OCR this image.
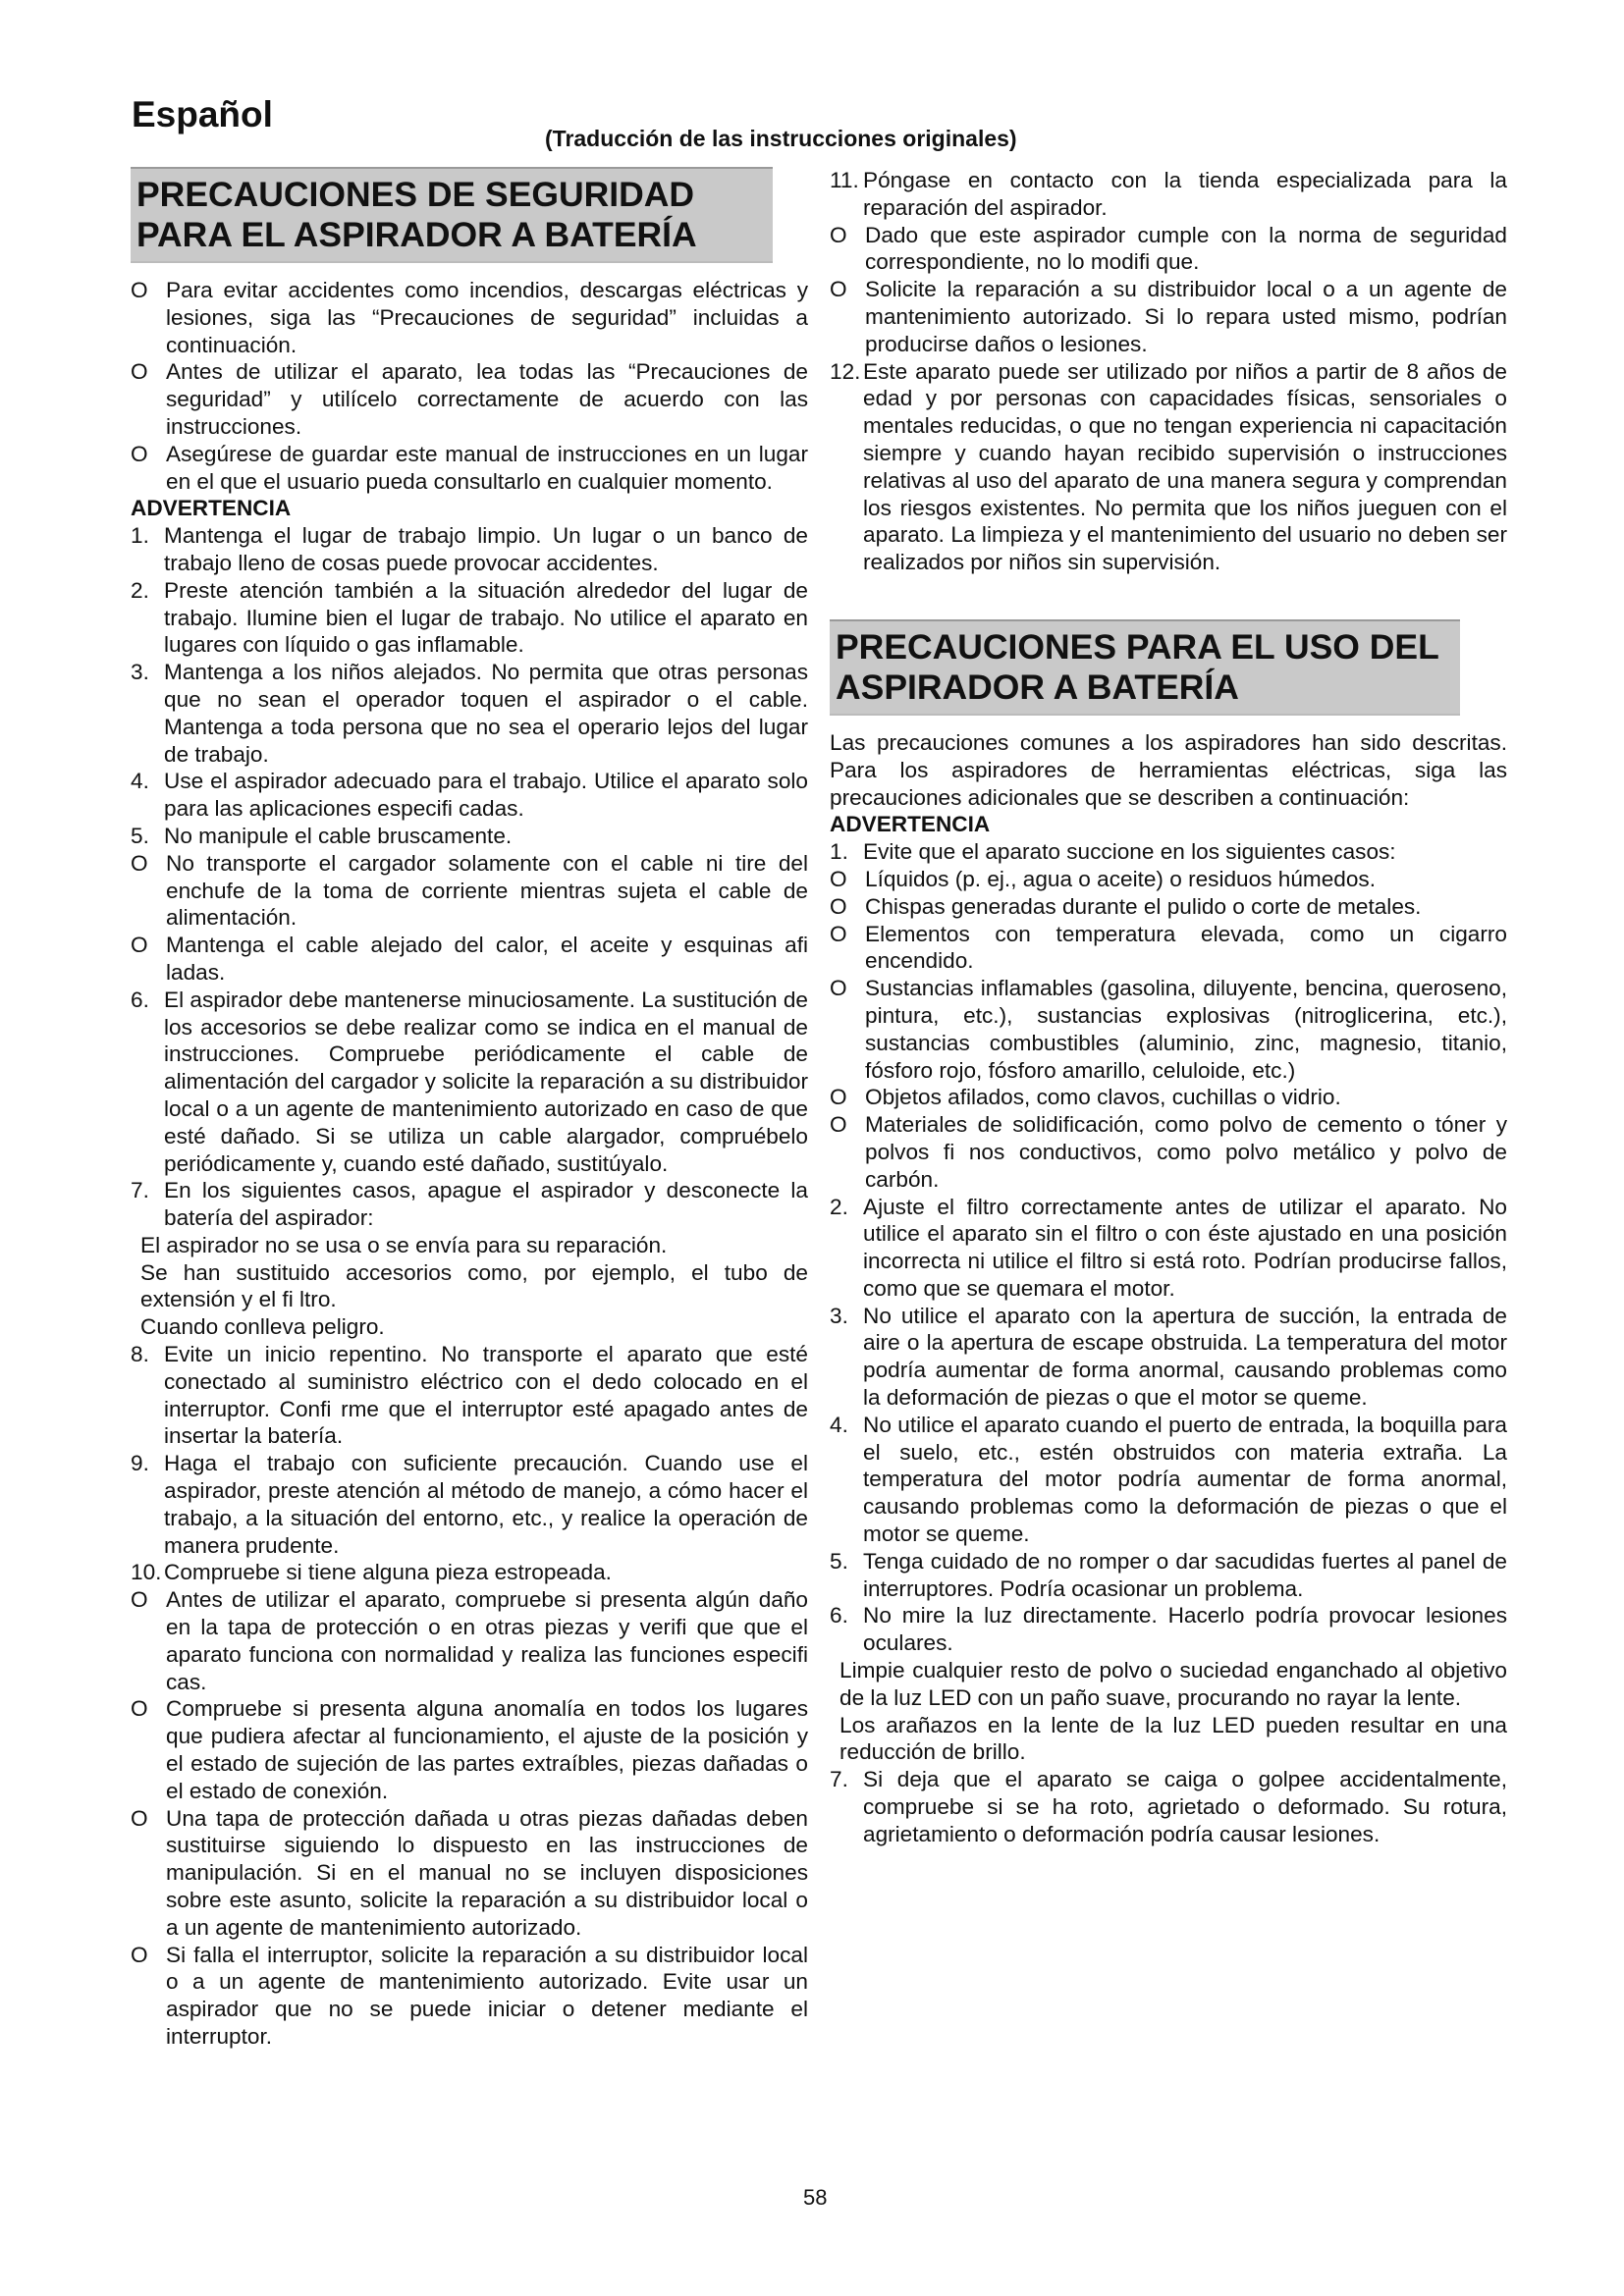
Español
(Traducción de las instrucciones originales)
PRECAUCIONES DE SEGURIDAD
PARA EL ASPIRADOR A BATERÍA
O Para evitar accidentes como incendios, descargas eléctricas y lesiones, siga las “Precauciones de seguridad” incluidas a continuación.
O Antes de utilizar el aparato, lea todas las “Precauciones de seguridad” y utilícelo correctamente de acuerdo con las instrucciones.
O Asegúrese de guardar este manual de instrucciones en un lugar en el que el usuario pueda consultarlo en cualquier momento.
ADVERTENCIA
1. Mantenga el lugar de trabajo limpio. Un lugar o un banco de trabajo lleno de cosas puede provocar accidentes.
2. Preste atención también a la situación alrededor del lugar de trabajo. Ilumine bien el lugar de trabajo. No utilice el aparato en lugares con líquido o gas inflamable.
3. Mantenga a los niños alejados. No permita que otras personas que no sean el operador toquen el aspirador o el cable. Mantenga a toda persona que no sea el operario lejos del lugar de trabajo.
4. Use el aspirador adecuado para el trabajo. Utilice el aparato solo para las aplicaciones especifi cadas.
5. No manipule el cable bruscamente.
O No transporte el cargador solamente con el cable ni tire del enchufe de la toma de corriente mientras sujeta el cable de alimentación.
O Mantenga el cable alejado del calor, el aceite y esquinas afi ladas.
6. El aspirador debe mantenerse minuciosamente. La sustitución de los accesorios se debe realizar como se indica en el manual de instrucciones. Compruebe periódicamente el cable de alimentación del cargador y solicite la reparación a su distribuidor local o a un agente de mantenimiento autorizado en caso de que esté dañado. Si se utiliza un cable alargador, compruébelo periódicamente y, cuando esté dañado, sustitúyalo.
7. En los siguientes casos, apague el aspirador y desconecte la batería del aspirador:
El aspirador no se usa o se envía para su reparación.
Se han sustituido accesorios como, por ejemplo, el tubo de extensión y el fi ltro.
Cuando conlleva peligro.
8. Evite un inicio repentino. No transporte el aparato que esté conectado al suministro eléctrico con el dedo colocado en el interruptor. Confi rme que el interruptor esté apagado antes de insertar la batería.
9. Haga el trabajo con suficiente precaución. Cuando use el aspirador, preste atención al método de manejo, a cómo hacer el trabajo, a la situación del entorno, etc., y realice la operación de manera prudente.
10. Compruebe si tiene alguna pieza estropeada.
O Antes de utilizar el aparato, compruebe si presenta algún daño en la tapa de protección o en otras piezas y verifi que que el aparato funciona con normalidad y realiza las funciones especifi cas.
O Compruebe si presenta alguna anomalía en todos los lugares que pudiera afectar al funcionamiento, el ajuste de la posición y el estado de sujeción de las partes extraíbles, piezas dañadas o el estado de conexión.
O Una tapa de protección dañada u otras piezas dañadas deben sustituirse siguiendo lo dispuesto en las instrucciones de manipulación. Si en el manual no se incluyen disposiciones sobre este asunto, solicite la reparación a su distribuidor local o a un agente de mantenimiento autorizado.
O Si falla el interruptor, solicite la reparación a su distribuidor local o a un agente de mantenimiento autorizado. Evite usar un aspirador que no se puede iniciar o detener mediante el interruptor.
11. Póngase en contacto con la tienda especializada para la reparación del aspirador.
O Dado que este aspirador cumple con la norma de seguridad correspondiente, no lo modifi que.
O Solicite la reparación a su distribuidor local o a un agente de mantenimiento autorizado. Si lo repara usted mismo, podrían producirse daños o lesiones.
12. Este aparato puede ser utilizado por niños a partir de 8 años de edad y por personas con capacidades físicas, sensoriales o mentales reducidas, o que no tengan experiencia ni capacitación siempre y cuando hayan recibido supervisión o instrucciones relativas al uso del aparato de una manera segura y comprendan los riesgos existentes. No permita que los niños jueguen con el aparato. La limpieza y el mantenimiento del usuario no deben ser realizados por niños sin supervisión.
PRECAUCIONES PARA EL USO DEL
ASPIRADOR A BATERÍA

Las precauciones comunes a los aspiradores han sido descritas. Para los aspiradores de herramientas eléctricas, siga las precauciones adicionales que se describen a continuación:

ADVERTENCIA
1. Evite que el aparato succione en los siguientes casos:
O Líquidos (p. ej., agua o aceite) o residuos húmedos.
O Chispas generadas durante el pulido o corte de metales.
O Elementos con temperatura elevada, como un cigarro encendido.
O Sustancias inflamables (gasolina, diluyente, bencina, queroseno, pintura, etc.), sustancias explosivas (nitroglicerina, etc.), sustancias combustibles (aluminio, zinc, magnesio, titanio, fósforo rojo, fósforo amarillo, celuloide, etc.)
O Objetos afilados, como clavos, cuchillas o vidrio.
O Materiales de solidificación, como polvo de cemento o tóner y polvos fi nos conductivos, como polvo metálico y polvo de carbón.
2. Ajuste el filtro correctamente antes de utilizar el aparato. No utilice el aparato sin el filtro o con éste ajustado en una posición incorrecta ni utilice el filtro si está roto. Podrían producirse fallos, como que se quemara el motor.
3. No utilice el aparato con la apertura de succión, la entrada de aire o la apertura de escape obstruida. La temperatura del motor podría aumentar de forma anormal, causando problemas como la deformación de piezas o que el motor se queme.
4. No utilice el aparato cuando el puerto de entrada, la boquilla para el suelo, etc., estén obstruidos con materia extraña. La temperatura del motor podría aumentar de forma anormal, causando problemas como la deformación de piezas o que el motor se queme.
5. Tenga cuidado de no romper o dar sacudidas fuertes al panel de interruptores. Podría ocasionar un problema.
6. No mire la luz directamente. Hacerlo podría provocar lesiones oculares.
Limpie cualquier resto de polvo o suciedad enganchado al objetivo de la luz LED con un paño suave, procurando no rayar la lente.
Los arañazos en la lente de la luz LED pueden resultar en una reducción de brillo.
7. Si deja que el aparato se caiga o golpee accidentalmente, compruebe si se ha roto, agrietado o deformado. Su rotura, agrietamiento o deformación podría causar lesiones.
58
